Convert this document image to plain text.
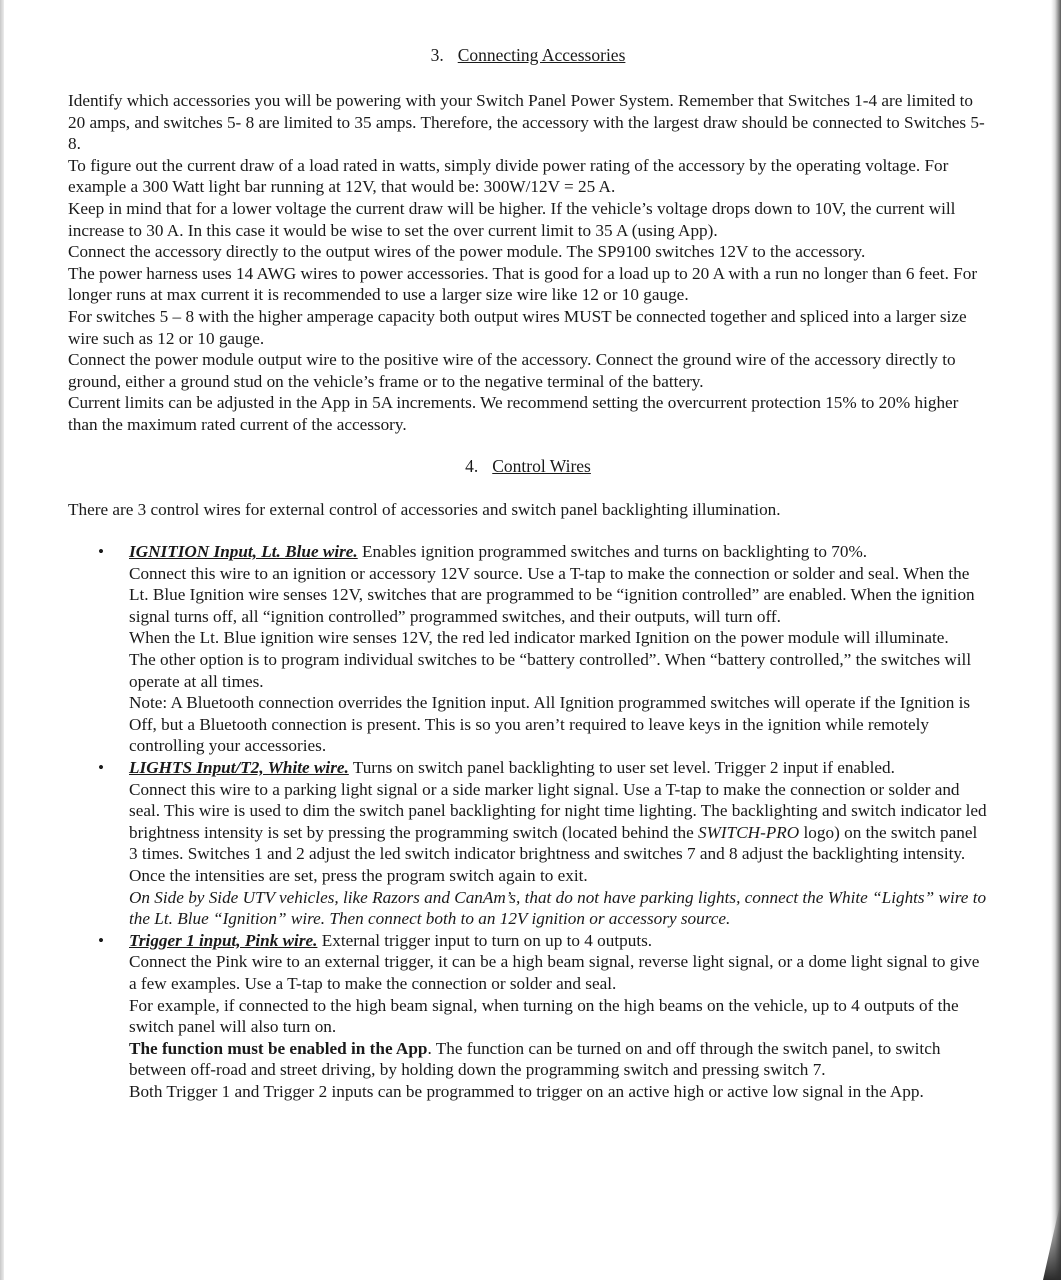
3. Connecting Accessories

Identify which accessories you will be powering with your Switch Panel Power System. Remember that Switches 1-4 are limited to 20 amps, and switches 5- 8 are limited to 35 amps. Therefore, the accessory with the largest draw should be connected to Switches 5- 8.

To figure out the current draw of a load rated in watts, simply divide power rating of the accessory by the operating voltage. For example a 300 Watt light bar running at 12V, that would be: 300W/12V = 25 A.

Keep in mind that for a lower voltage the current draw will be higher. If the vehicle’s voltage drops down to 10V, the current will increase to 30 A. In this case it would be wise to set the over current limit to 35 A (using App).

Connect the accessory directly to the output wires of the power module. The SP9100 switches 12V to the accessory.

The power harness uses 14 AWG wires to power accessories. That is good for a load up to 20 A with a run no longer than 6 feet. For longer runs at max current it is recommended to use a larger size wire like 12 or 10 gauge.

For switches 5 – 8 with the higher amperage capacity both output wires MUST be connected together and spliced into a larger size wire such as 12 or 10 gauge.

Connect the power module output wire to the positive wire of the accessory. Connect the ground wire of the accessory directly to ground, either a ground stud on the vehicle’s frame or to the negative terminal of the battery.

Current limits can be adjusted in the App in 5A increments. We recommend setting the overcurrent protection 15% to 20% higher than the maximum rated current of the accessory.

4. Control Wires

There are 3 control wires for external control of accessories and switch panel backlighting illumination.

• IGNITION Input, Lt. Blue wire. Enables ignition programmed switches and turns on backlighting to 70%.
Connect this wire to an ignition or accessory 12V source. Use a T-tap to make the connection or solder and seal. When the Lt. Blue Ignition wire senses 12V, switches that are programmed to be “ignition controlled” are enabled. When the ignition signal turns off, all “ignition controlled” programmed switches, and their outputs, will turn off.
When the Lt. Blue ignition wire senses 12V, the red led indicator marked Ignition on the power module will illuminate.
The other option is to program individual switches to be “battery controlled”. When “battery controlled,” the switches will operate at all times.
Note: A Bluetooth connection overrides the Ignition input. All Ignition programmed switches will operate if the Ignition is Off, but a Bluetooth connection is present. This is so you aren’t required to leave keys in the ignition while remotely controlling your accessories.
• LIGHTS Input/T2, White wire. Turns on switch panel backlighting to user set level. Trigger 2 input if enabled.
Connect this wire to a parking light signal or a side marker light signal. Use a T-tap to make the connection or solder and seal. This wire is used to dim the switch panel backlighting for night time lighting. The backlighting and switch indicator led brightness intensity is set by pressing the programming switch (located behind the SWITCH-PRO logo) on the switch panel 3 times. Switches 1 and 2 adjust the led switch indicator brightness and switches 7 and 8 adjust the backlighting intensity. Once the intensities are set, press the program switch again to exit.
On Side by Side UTV vehicles, like Razors and CanAm’s, that do not have parking lights, connect the White “Lights” wire to the Lt. Blue “Ignition” wire. Then connect both to an 12V ignition or accessory source.
• Trigger 1 input, Pink wire. External trigger input to turn on up to 4 outputs.
Connect the Pink wire to an external trigger, it can be a high beam signal, reverse light signal, or a dome light signal to give a few examples. Use a T-tap to make the connection or solder and seal.
For example, if connected to the high beam signal, when turning on the high beams on the vehicle, up to 4 outputs of the switch panel will also turn on.
The function must be enabled in the App. The function can be turned on and off through the switch panel, to switch between off-road and street driving, by holding down the programming switch and pressing switch 7.
Both Trigger 1 and Trigger 2 inputs can be programmed to trigger on an active high or active low signal in the App.
